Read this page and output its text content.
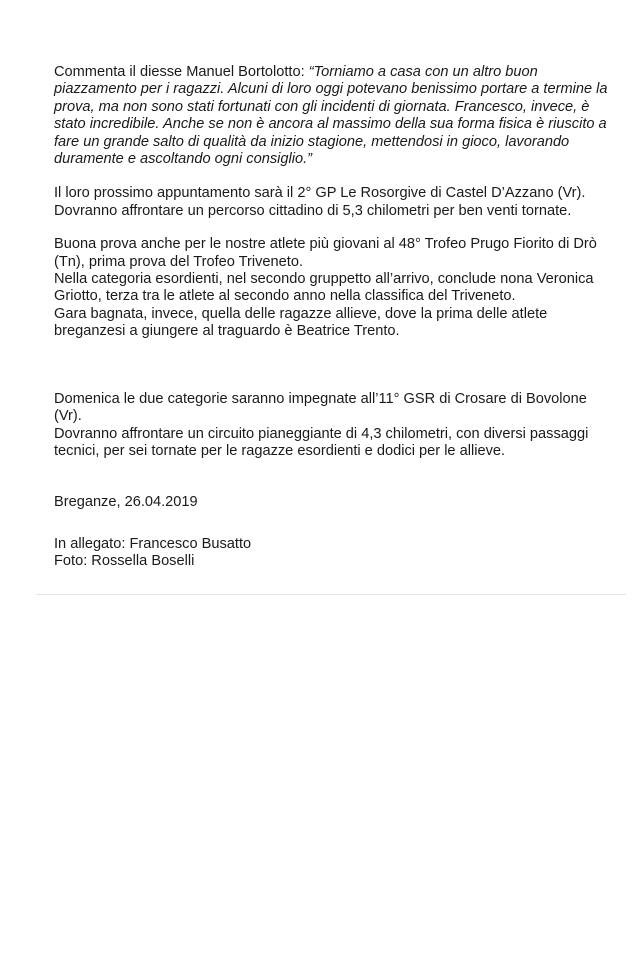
Commenta il diesse Manuel Bortolotto: “Torniamo a casa con un altro buon piazzamento per i ragazzi. Alcuni di loro oggi potevano benissimo portare a termine la prova, ma non sono stati fortunati con gli incidenti di giornata. Francesco, invece, è stato incredibile. Anche se non è ancora al massimo della sua forma fisica è riuscito a fare un grande salto di qualità da inizio stagione, mettendosi in gioco, lavorando duramente e ascoltando ogni consiglio.”

Il loro prossimo appuntamento sarà il 2° GP Le Rosorgive di Castel D’Azzano (Vr). Dovranno affrontare un percorso cittadino di 5,3 chilometri per ben venti tornate.

Buona prova anche per le nostre atlete più giovani al 48° Trofeo Prugo Fiorito di Drò (Tn), prima prova del Trofeo Triveneto.

Nella categoria esordienti, nel secondo gruppetto all’arrivo, conclude nona Veronica Griotto, terza tra le atlete al secondo anno nella classifica del Triveneto.

Gara bagnata, invece, quella delle ragazze allieve, dove la prima delle atlete breganzesi a giungere al traguardo è Beatrice Trento.

Domenica le due categorie saranno impegnate all’11° GSR di Crosare di Bovolone (Vr).

Dovranno affrontare un circuito pianeggiante di 4,3 chilometri, con diversi passaggi tecnici, per sei tornate per le ragazze esordienti e dodici per le allieve.

Breganze, 26.04.2019

In allegato: Francesco Busatto

Foto: Rossella Boselli
